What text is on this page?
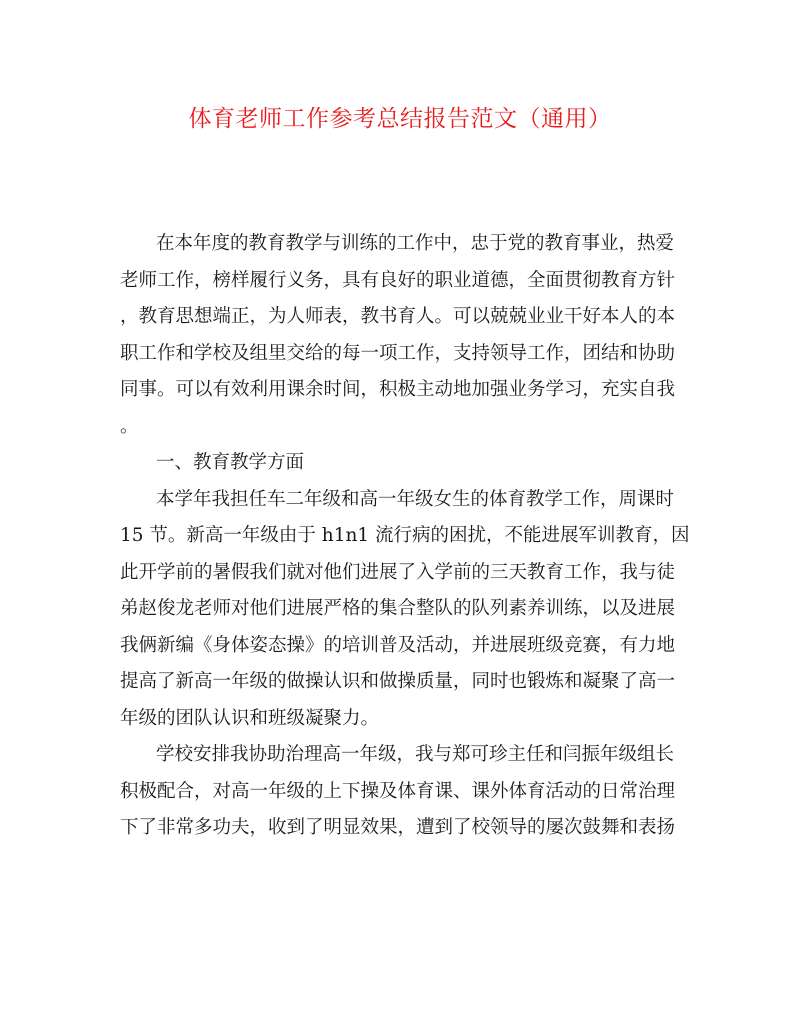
体育老师工作参考总结报告范文（通用）
在本年度的教育教学与训练的工作中，忠于党的教育事业，热爱
老师工作，榜样履行义务，具有良好的职业道德，全面贯彻教育方针
，教育思想端正，为人师表，教书育人。可以兢兢业业干好本人的本
职工作和学校及组里交给的每一项工作，支持领导工作，团结和协助
同事。可以有效利用课余时间，积极主动地加强业务学习，充实自我
。
一、教育教学方面
本学年我担任车二年级和高一年级女生的体育教学工作，周课时
15 节。新高一年级由于 h1n1 流行病的困扰，不能进展军训教育，因
此开学前的暑假我们就对他们进展了入学前的三天教育工作，我与徒
弟赵俊龙老师对他们进展严格的集合整队的队列素养训练，以及进展
我俩新编《身体姿态操》的培训普及活动，并进展班级竞赛，有力地
提高了新高一年级的做操认识和做操质量，同时也锻炼和凝聚了高一
年级的团队认识和班级凝聚力。
学校安排我协助治理高一年级，我与郑可珍主任和闫振年级组长
积极配合，对高一年级的上下操及体育课、课外体育活动的日常治理
下了非常多功夫，收到了明显效果，遭到了校领导的屡次鼓舞和表扬
